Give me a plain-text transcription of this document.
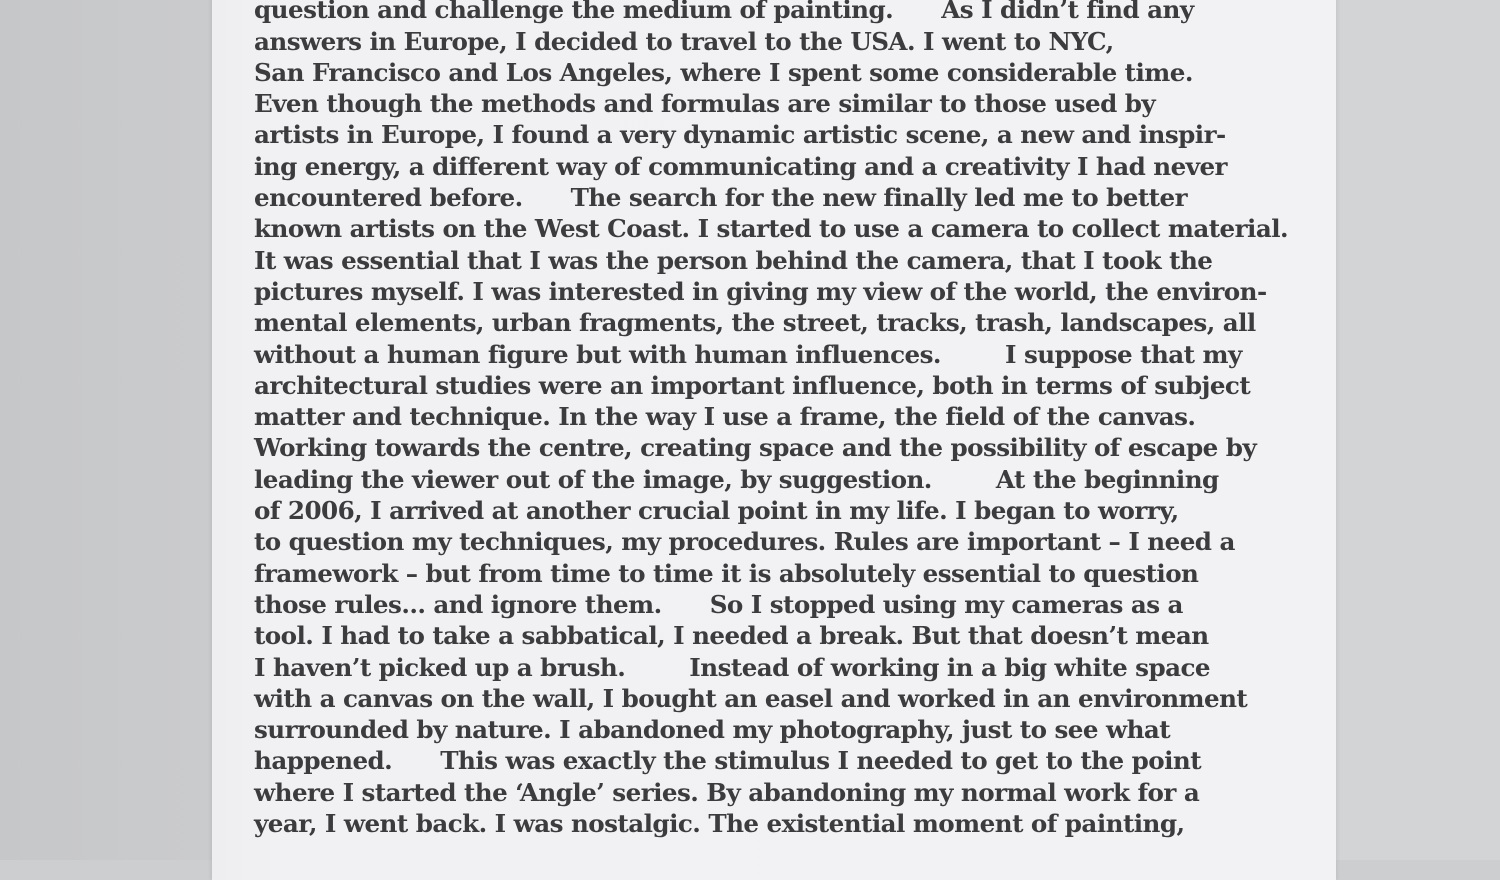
question and challenge the medium of painting.      As I didn’t find any
answers in Europe, I decided to travel to the USA. I went to NYC,
San Francisco and Los Angeles, where I spent some considerable time.
Even though the methods and formulas are similar to those used by
artists in Europe, I found a very dynamic artistic scene, a new and inspir-
ing energy, a different way of communicating and a creativity I had never
encountered before.      The search for the new finally led me to better
known artists on the West Coast. I started to use a camera to collect material.
It was essential that I was the person behind the camera, that I took the
pictures myself. I was interested in giving my view of the world, the environ-
mental elements, urban fragments, the street, tracks, trash, landscapes, all
without a human figure but with human influences.        I suppose that my
architectural studies were an important influence, both in terms of subject
matter and technique. In the way I use a frame, the field of the canvas.
Working towards the centre, creating space and the possibility of escape by
leading the viewer out of the image, by suggestion.        At the beginning
of 2006, I arrived at another crucial point in my life. I began to worry,
to question my techniques, my procedures. Rules are important – I need a
framework – but from time to time it is absolutely essential to question
those rules… and ignore them.      So I stopped using my cameras as a
tool. I had to take a sabbatical, I needed a break. But that doesn’t mean
I haven’t picked up a brush.        Instead of working in a big white space
with a canvas on the wall, I bought an easel and worked in an environment
surrounded by nature. I abandoned my photography, just to see what
happened.      This was exactly the stimulus I needed to get to the point
where I started the ‘Angle’ series. By abandoning my normal work for a
year, I went back. I was nostalgic. The existential moment of painting,
